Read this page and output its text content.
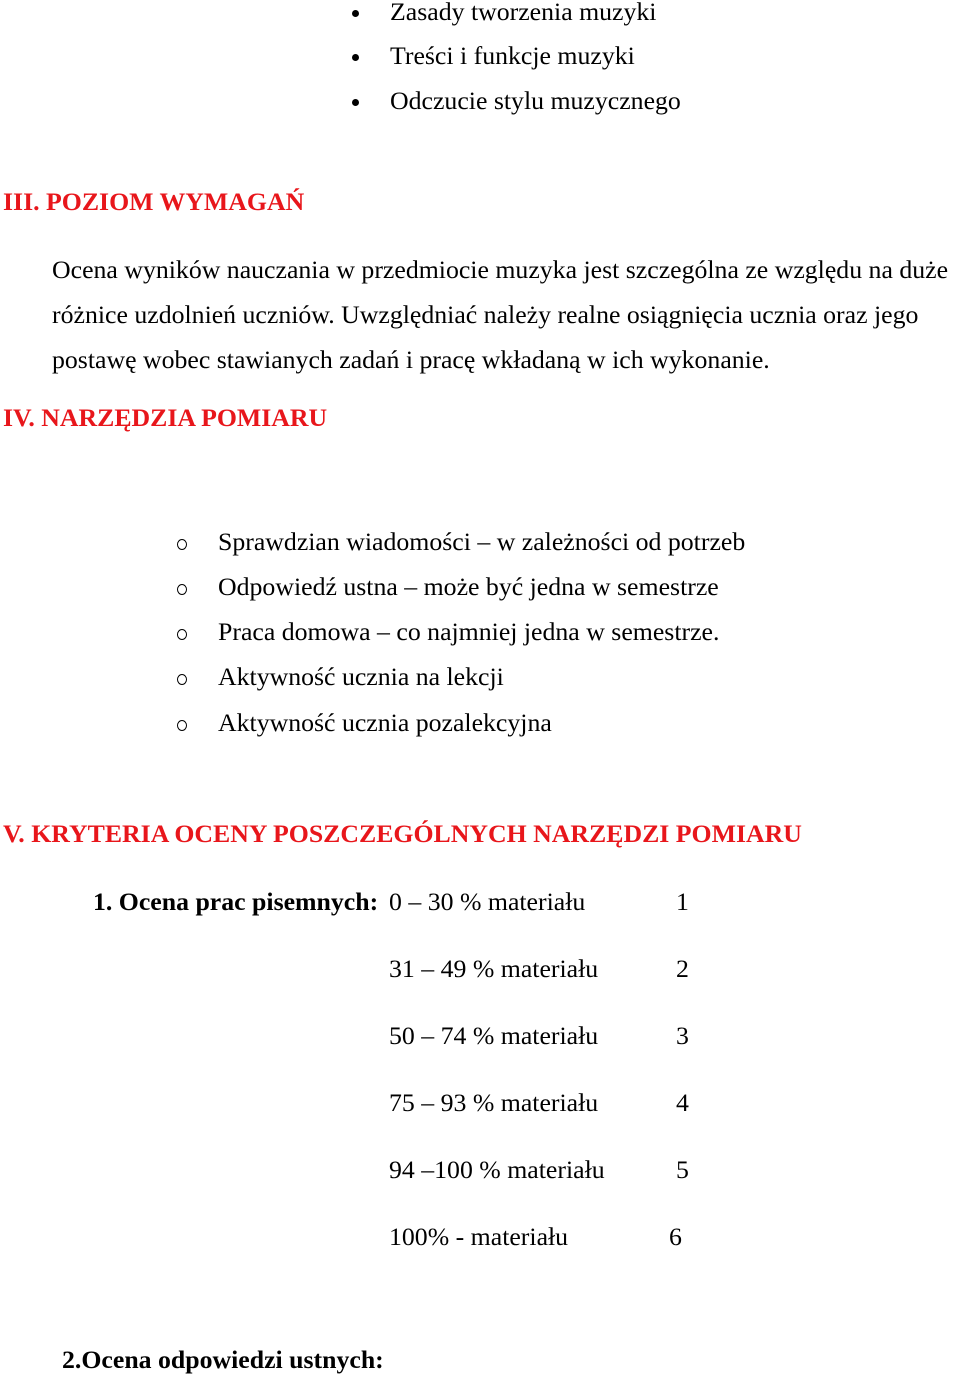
Zasady tworzenia muzyki
Treści i funkcje muzyki
Odczucie stylu muzycznego
III. POZIOM WYMAGAŃ
Ocena wyników nauczania w przedmiocie muzyka jest szczególna ze względu na duże
różnice uzdolnień uczniów. Uwzględniać należy realne osiągnięcia ucznia oraz jego
postawę wobec stawianych zadań i pracę wkładaną w ich wykonanie.
IV. NARZĘDZIA POMIARU
Sprawdzian wiadomości – w zależności od potrzeb
Odpowiedź ustna – może być jedna w semestrze
Praca domowa – co najmniej jedna w semestrze.
Aktywność ucznia na lekcji
Aktywność ucznia pozalekcyjna
V. KRYTERIA OCENY POSZCZEGÓLNYCH NARZĘDZI POMIARU
1. Ocena prac pisemnych: 0 – 30 % materiału	1
31 – 49 % materiału	2
50 – 74 % materiału	3
75 – 93 % materiału	4
94 –100 % materiału	5
100% - materiału	6
2.Ocena odpowiedzi ustnych:
